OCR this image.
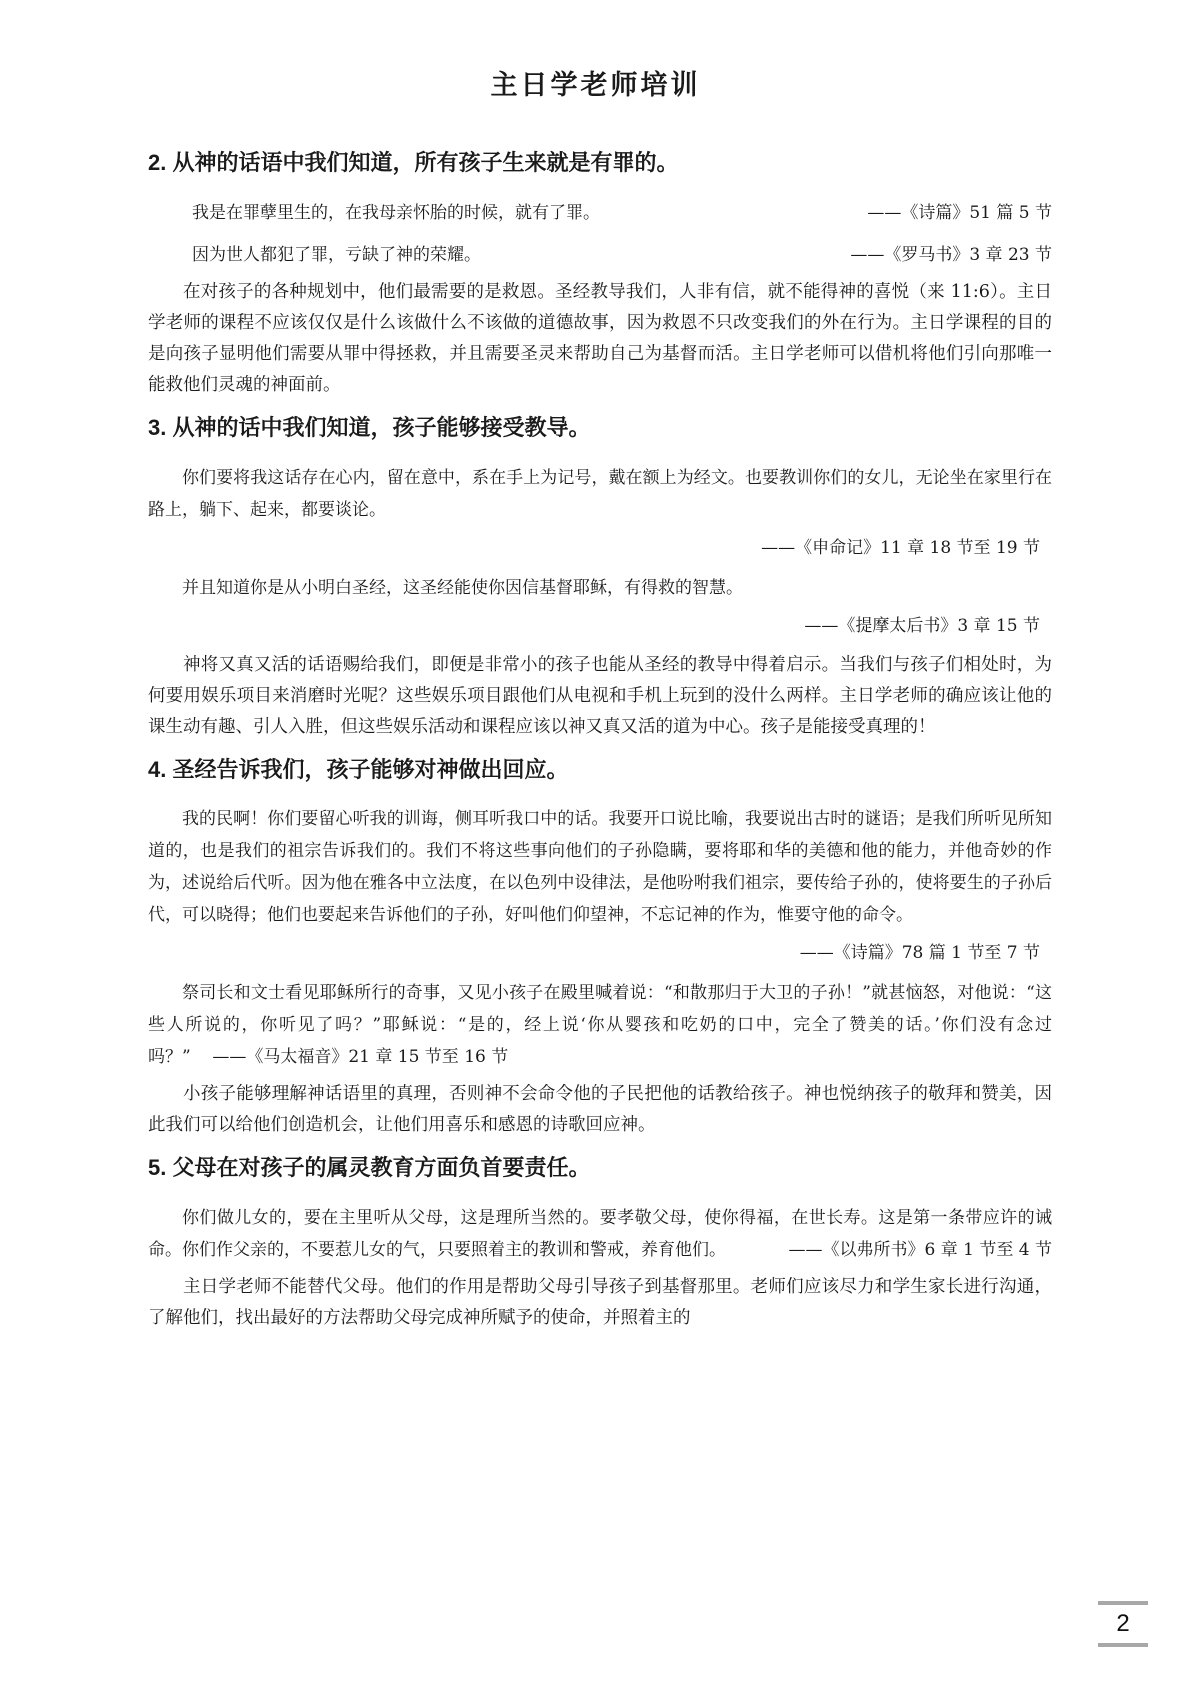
主日学老师培训
2. 从神的话语中我们知道，所有孩子生来就是有罪的。
我是在罪孽里生的，在我母亲怀胎的时候，就有了罪。	——《诗篇》51 篇 5 节
因为世人都犯了罪，亏缺了神的荣耀。	——《罗马书》3 章 23 节

在对孩子的各种规划中，他们最需要的是救恩。圣经教导我们，人非有信，就不能得神的喜悦（来 11:6）。主日学老师的课程不应该仅仅是什么该做什么不该做的道德故事，因为救恩不只改变我们的外在行为。主日学课程的目的是向孩子显明他们需要从罪中得拯救，并且需要圣灵来帮助自己为基督而活。主日学老师可以借机将他们引向那唯一能救他们灵魂的神面前。

3. 从神的话中我们知道，孩子能够接受教导。

你们要将我这话存在心内，留在意中，系在手上为记号，戴在额上为经文。也要教训你们的女儿，无论坐在家里行在路上，躺下、起来，都要谈论。

——《申命记》11 章 18 节至 19 节

并且知道你是从小明白圣经，这圣经能使你因信基督耶稣，有得救的智慧。

——《提摩太后书》3 章 15 节

神将又真又活的话语赐给我们，即便是非常小的孩子也能从圣经的教导中得着启示。当我们与孩子们相处时，为何要用娱乐项目来消磨时光呢？这些娱乐项目跟他们从电视和手机上玩到的没什么两样。主日学老师的确应该让他的课生动有趣、引人入胜，但这些娱乐活动和课程应该以神又真又活的道为中心。孩子是能接受真理的！

4. 圣经告诉我们，孩子能够对神做出回应。

我的民啊！你们要留心听我的训诲，侧耳听我口中的话。我要开口说比喻，我要说出古时的谜语；是我们所听见所知道的，也是我们的祖宗告诉我们的。我们不将这些事向他们的子孙隐瞒，要将耶和华的美德和他的能力，并他奇妙的作为，述说给后代听。因为他在雅各中立法度，在以色列中设律法，是他吩咐我们祖宗，要传给子孙的，使将要生的子孙后代，可以晓得；他们也要起来告诉他们的子孙，好叫他们仰望神，不忘记神的作为，惟要守他的命令。

——《诗篇》78 篇 1 节至 7 节

祭司长和文士看见耶稣所行的奇事，又见小孩子在殿里喊着说：“和散那归于大卫的子孙！”就甚恼怒，对他说：“这些人所说的，你听见了吗？”耶稣说：“是的，经上说‘你从婴孩和吃奶的口中，完全了赞美的话。’你们没有念过吗？” ——《马太福音》21 章 15 节至 16 节

小孩子能够理解神话语里的真理，否则神不会命令他的子民把他的话教给孩子。神也悦纳孩子的敬拜和赞美，因此我们可以给他们创造机会，让他们用喜乐和感恩的诗歌回应神。

5. 父母在对孩子的属灵教育方面负首要责任。

你们做儿女的，要在主里听从父母，这是理所当然的。要孝敬父母，使你得福，在世长寿。这是第一条带应许的诫命。你们作父亲的，不要惹儿女的气，只要照着主的教训和警戒，养育他们。	——《以弗所书》6 章 1 节至 4 节

主日学老师不能替代父母。他们的作用是帮助父母引导孩子到基督那里。老师们应该尽力和学生家长进行沟通，了解他们，找出最好的方法帮助父母完成神所赋予的使命，并照着主的

2
